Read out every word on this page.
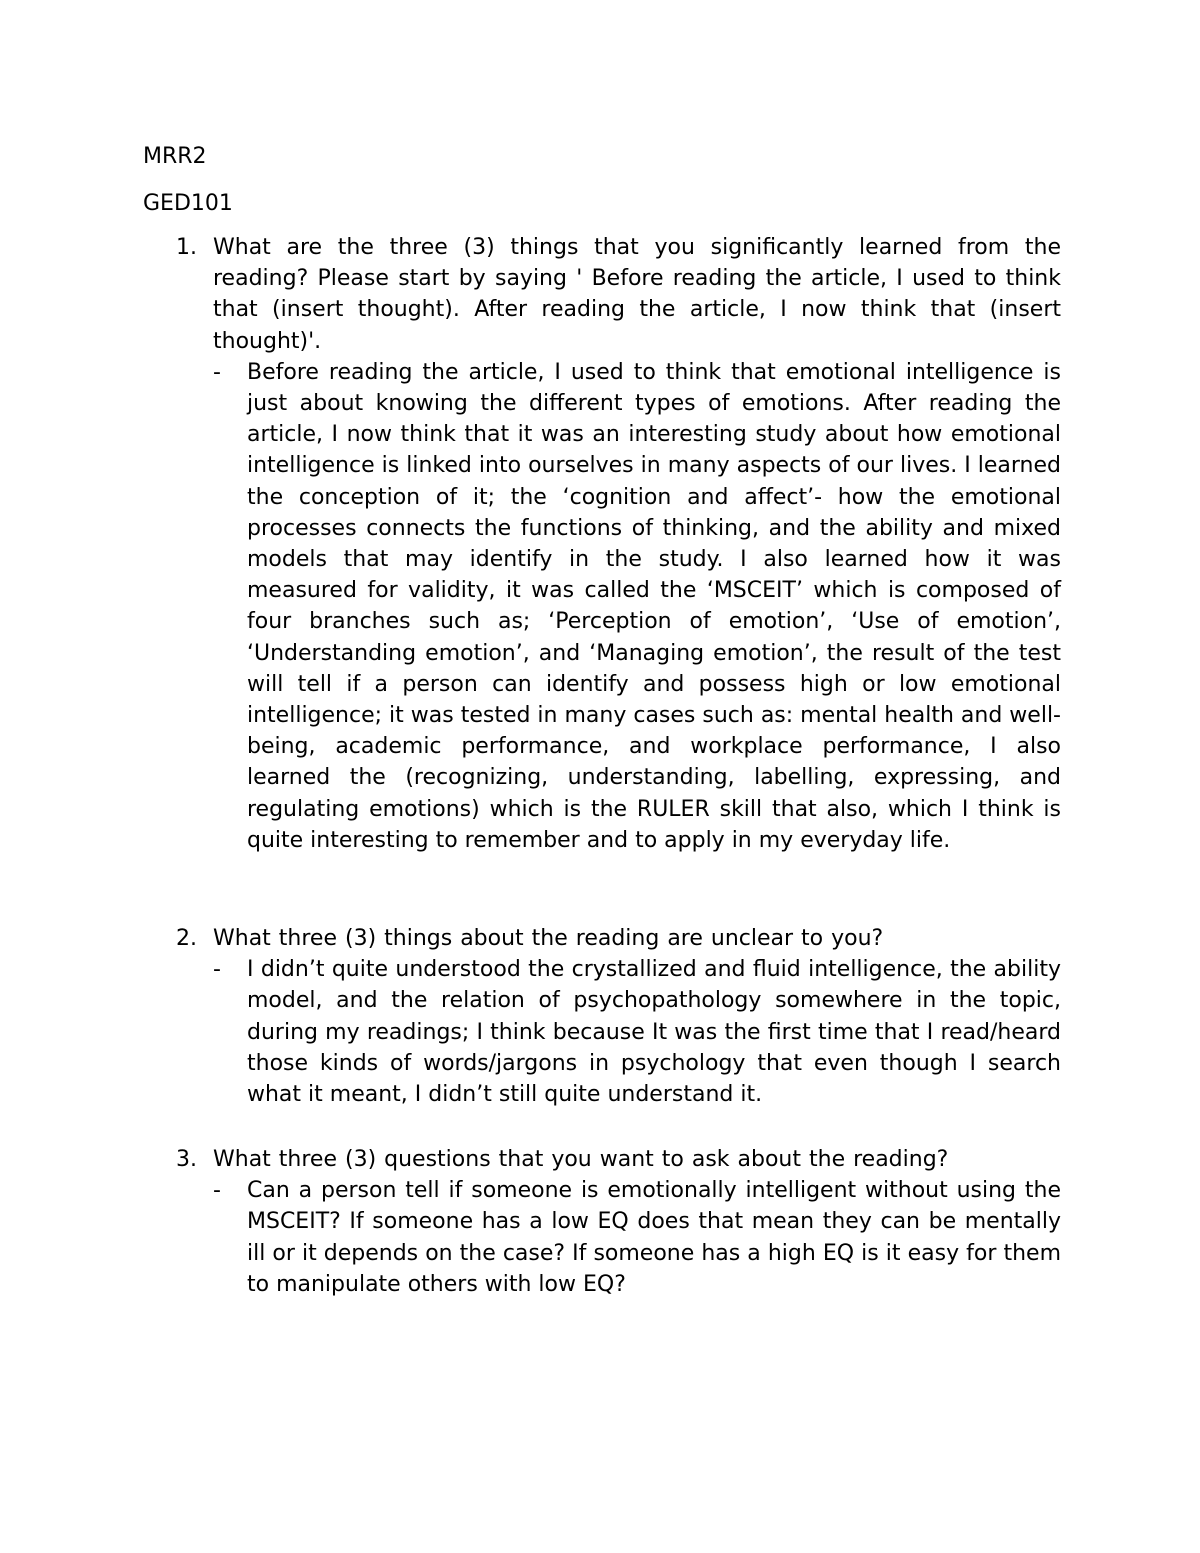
MRR2
GED101
1. What are the three (3) things that you significantly learned from the reading? Please start by saying ' Before reading the article, I used to think that (insert thought). After reading the article, I now think that (insert thought)'.
- Before reading the article, I used to think that emotional intelligence is just about knowing the different types of emotions. After reading the article, I now think that it was an interesting study about how emotional intelligence is linked into ourselves in many aspects of our lives. I learned the conception of it; the ‘cognition and affect’- how the emotional processes connects the functions of thinking, and the ability and mixed models that may identify in the study. I also learned how it was measured for validity, it was called the ‘MSCEIT’ which is composed of four branches such as; ‘Perception of emotion’, ‘Use of emotion’, ‘Understanding emotion’, and ‘Managing emotion’, the result of the test will tell if a person can identify and possess high or low emotional intelligence; it was tested in many cases such as: mental health and well-being, academic performance, and workplace performance, I also learned the (recognizing, understanding, labelling, expressing, and regulating emotions) which is the RULER skill that also, which I think is quite interesting to remember and to apply in my everyday life.
2. What three (3) things about the reading are unclear to you?
- I didn’t quite understood the crystallized and fluid intelligence, the ability model, and the relation of psychopathology somewhere in the topic, during my readings; I think because It was the first time that I read/heard those kinds of words/jargons in psychology that even though I search what it meant, I didn’t still quite understand it.
3. What three (3) questions that you want to ask about the reading?
- Can a person tell if someone is emotionally intelligent without using the MSCEIT? If someone has a low EQ does that mean they can be mentally ill or it depends on the case? If someone has a high EQ is it easy for them to manipulate others with low EQ?
